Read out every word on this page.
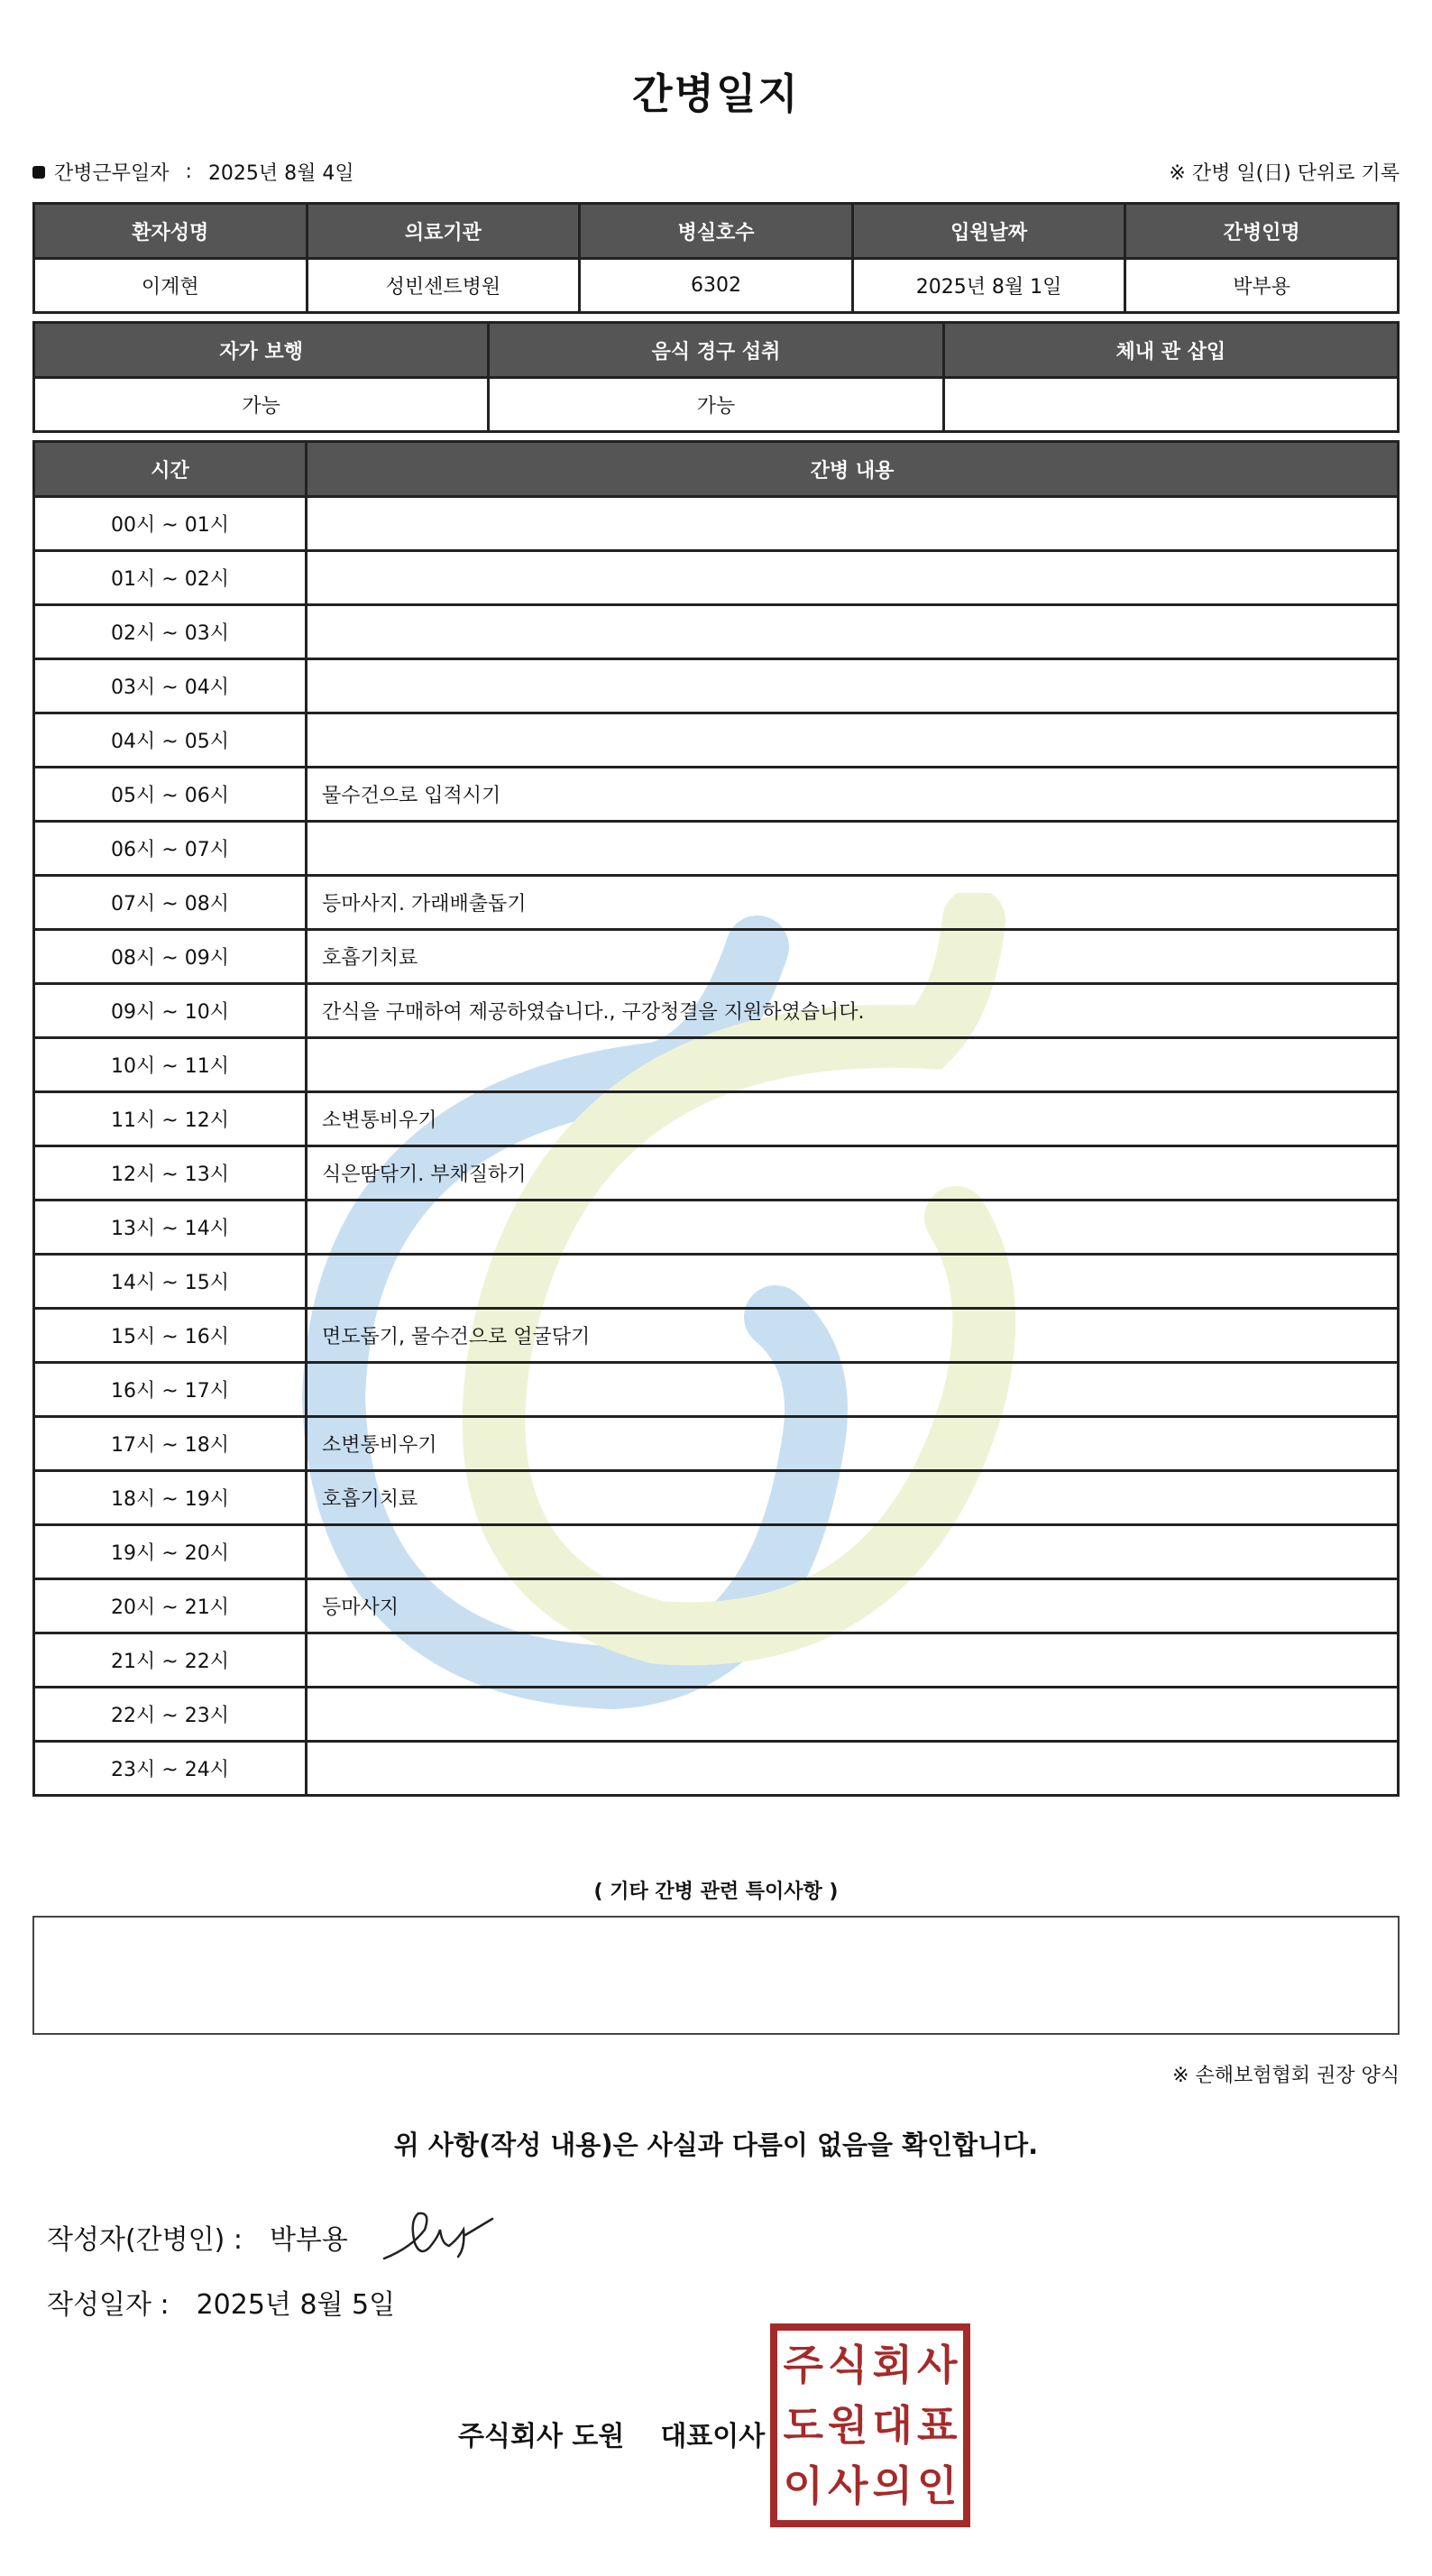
간병일지
간병근무일자 : 2025년 8월 4일	※ 간병 일(日) 단위로 기록
환자성명	의료기관	병실호수	입원날짜	간병인명
이계현	성빈센트병원	6302	2025년 8월 1일	박부용
자가 보행	음식 경구 섭취	체내 관 삽입
가능	가능	
시간	간병 내용
00시 ~ 01시	
01시 ~ 02시	
02시 ~ 03시	
03시 ~ 04시	
04시 ~ 05시	
05시 ~ 06시	물수건으로 입적시기
06시 ~ 07시	
07시 ~ 08시	등마사지. 가래배출돕기
08시 ~ 09시	호흡기치료
09시 ~ 10시	간식을 구매하여 제공하였습니다., 구강청결을 지원하였습니다.
10시 ~ 11시	
11시 ~ 12시	소변통비우기
12시 ~ 13시	식은땀닦기. 부채질하기
13시 ~ 14시	
14시 ~ 15시	
15시 ~ 16시	면도돕기, 물수건으로 얼굴닦기
16시 ~ 17시	
17시 ~ 18시	소변통비우기
18시 ~ 19시	호흡기치료
19시 ~ 20시	
20시 ~ 21시	등마사지
21시 ~ 22시	
22시 ~ 23시	
23시 ~ 24시	
( 기타 간병 관련 특이사항 )
※ 손해보험협회 권장 양식
위 사항(작성 내용)은 사실과 다름이 없음을 확인합니다.
작성자(간병인) : 박부용
작성일자 : 2025년 8월 5일
주식회사 도원 대표이사
주 식 회 사
도 원 대 표
이 사 의 인
